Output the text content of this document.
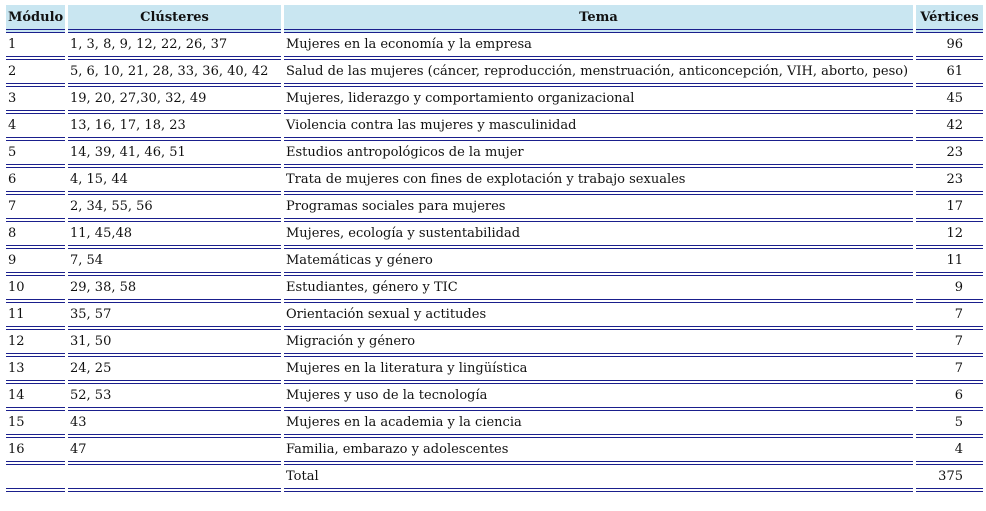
Módulo	Clústeres	Tema	Vértices
1	1, 3, 8, 9, 12, 22, 26, 37	Mujeres en la economía y la empresa	96
2	5, 6, 10, 21, 28, 33, 36, 40, 42	Salud de las mujeres (cáncer, reproducción, menstruación, anticoncepción, VIH, aborto, peso)	61
3	19, 20, 27,30, 32, 49	Mujeres, liderazgo y comportamiento organizacional	45
4	13, 16, 17, 18, 23	Violencia contra las mujeres y masculinidad	42
5	14, 39, 41, 46, 51	Estudios antropológicos de la mujer	23
6	4, 15, 44	Trata de mujeres con fines de explotación y trabajo sexuales	23
7	2, 34, 55, 56	Programas sociales para mujeres	17
8	11, 45,48	Mujeres, ecología y sustentabilidad	12
9	7, 54	Matemáticas y género	11
10	29, 38, 58	Estudiantes, género y TIC	9
11	35, 57	Orientación sexual y actitudes	7
12	31, 50	Migración y género	7
13	24, 25	Mujeres en la literatura y lingüística	7
14	52, 53	Mujeres y uso de la tecnología	6
15	43	Mujeres en la academia y la ciencia	5
16	47	Familia, embarazo y adolescentes	4
		Total	375
